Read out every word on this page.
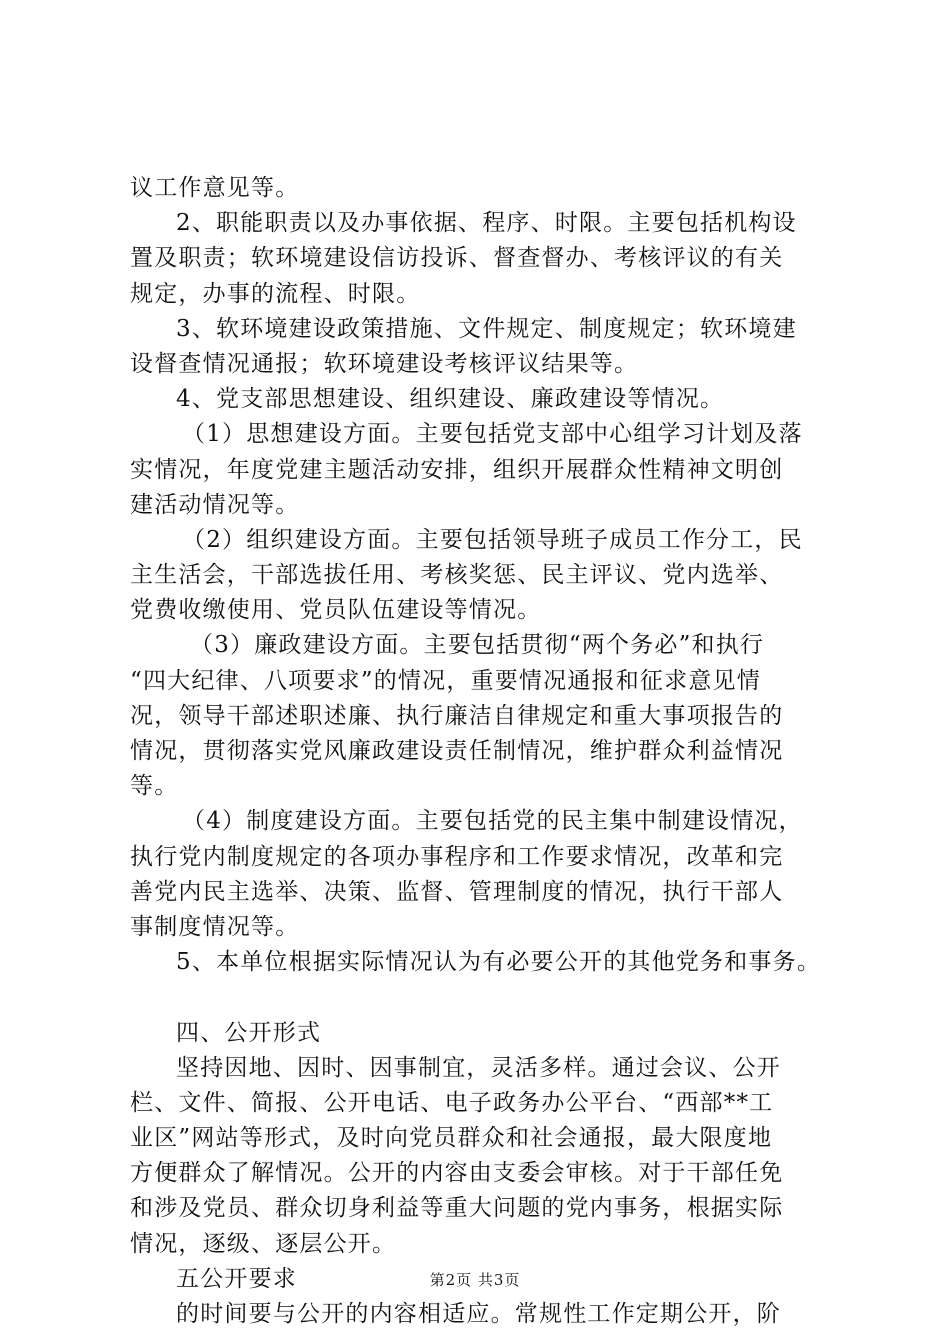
议工作意见等。
2、职能职责以及办事依据、程序、时限。主要包括机构设
置及职责；软环境建设信访投诉、督查督办、考核评议的有关
规定，办事的流程、时限。
3、软环境建设政策措施、文件规定、制度规定；软环境建
设督查情况通报；软环境建设考核评议结果等。
4、党支部思想建设、组织建设、廉政建设等情况。
（1）思想建设方面。主要包括党支部中心组学习计划及落
实情况，年度党建主题活动安排，组织开展群众性精神文明创
建活动情况等。
（2）组织建设方面。主要包括领导班子成员工作分工，民
主生活会，干部选拔任用、考核奖惩、民主评议、党内选举、
党费收缴使用、党员队伍建设等情况。
（3）廉政建设方面。主要包括贯彻“两个务必”和执行
“四大纪律、八项要求”的情况，重要情况通报和征求意见情
况，领导干部述职述廉、执行廉洁自律规定和重大事项报告的
情况，贯彻落实党风廉政建设责任制情况，维护群众利益情况
等。
（4）制度建设方面。主要包括党的民主集中制建设情况，
执行党内制度规定的各项办事程序和工作要求情况，改革和完
善党内民主选举、决策、监督、管理制度的情况，执行干部人
事制度情况等。
5、本单位根据实际情况认为有必要公开的其他党务和事务。
四、公开形式
坚持因地、因时、因事制宜，灵活多样。通过会议、公开
栏、文件、简报、公开电话、电子政务办公平台、“西部**工
业区”网站等形式，及时向党员群众和社会通报，最大限度地
方便群众了解情况。公开的内容由支委会审核。对于干部任免
和涉及党员、群众切身利益等重大问题的党内事务，根据实际
情况，逐级、逐层公开。
五公开要求
的时间要与公开的内容相适应。常规性工作定期公开，阶
第2页 共3页
